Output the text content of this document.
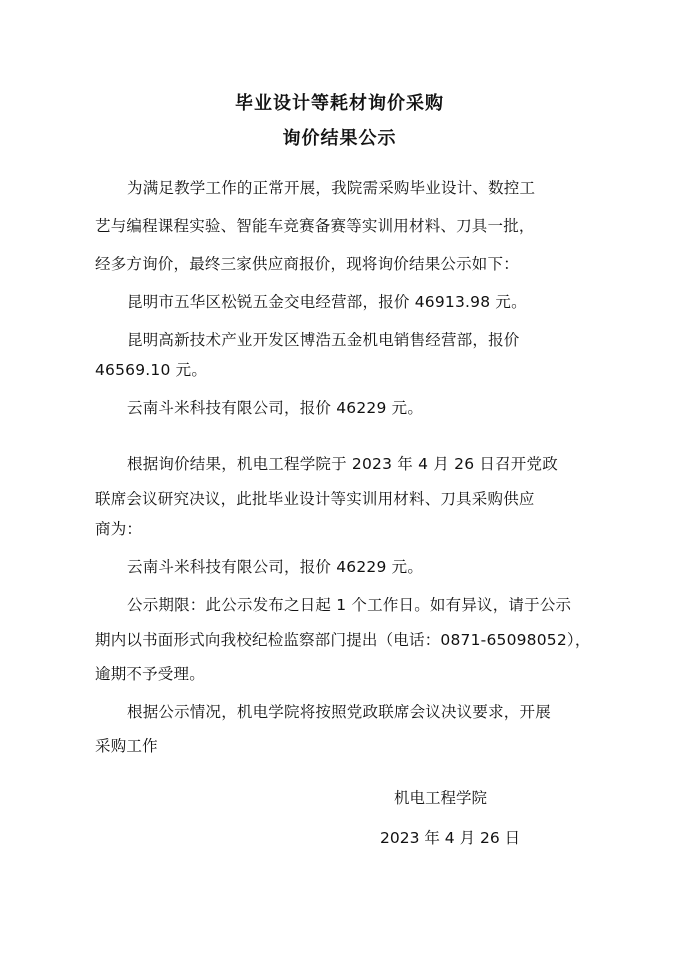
毕业设计等耗材询价采购
询价结果公示
为满足教学工作的正常开展，我院需采购毕业设计、数控工
艺与编程课程实验、智能车竞赛备赛等实训用材料、刀具一批，
经多方询价，最终三家供应商报价，现将询价结果公示如下：
昆明市五华区松锐五金交电经营部，报价 46913.98 元。
昆明高新技术产业开发区博浩五金机电销售经营部，报价
46569.10 元。
云南斗米科技有限公司，报价 46229 元。
根据询价结果，机电工程学院于 2023 年 4 月 26 日召开党政
联席会议研究决议，此批毕业设计等实训用材料、刀具采购供应
商为：
云南斗米科技有限公司，报价 46229 元。
公示期限：此公示发布之日起 1 个工作日。如有异议，请于公示
期内以书面形式向我校纪检监察部门提出（电话：0871-65098052），
逾期不予受理。
根据公示情况，机电学院将按照党政联席会议决议要求，开展
采购工作
机电工程学院
2023 年 4 月 26 日
